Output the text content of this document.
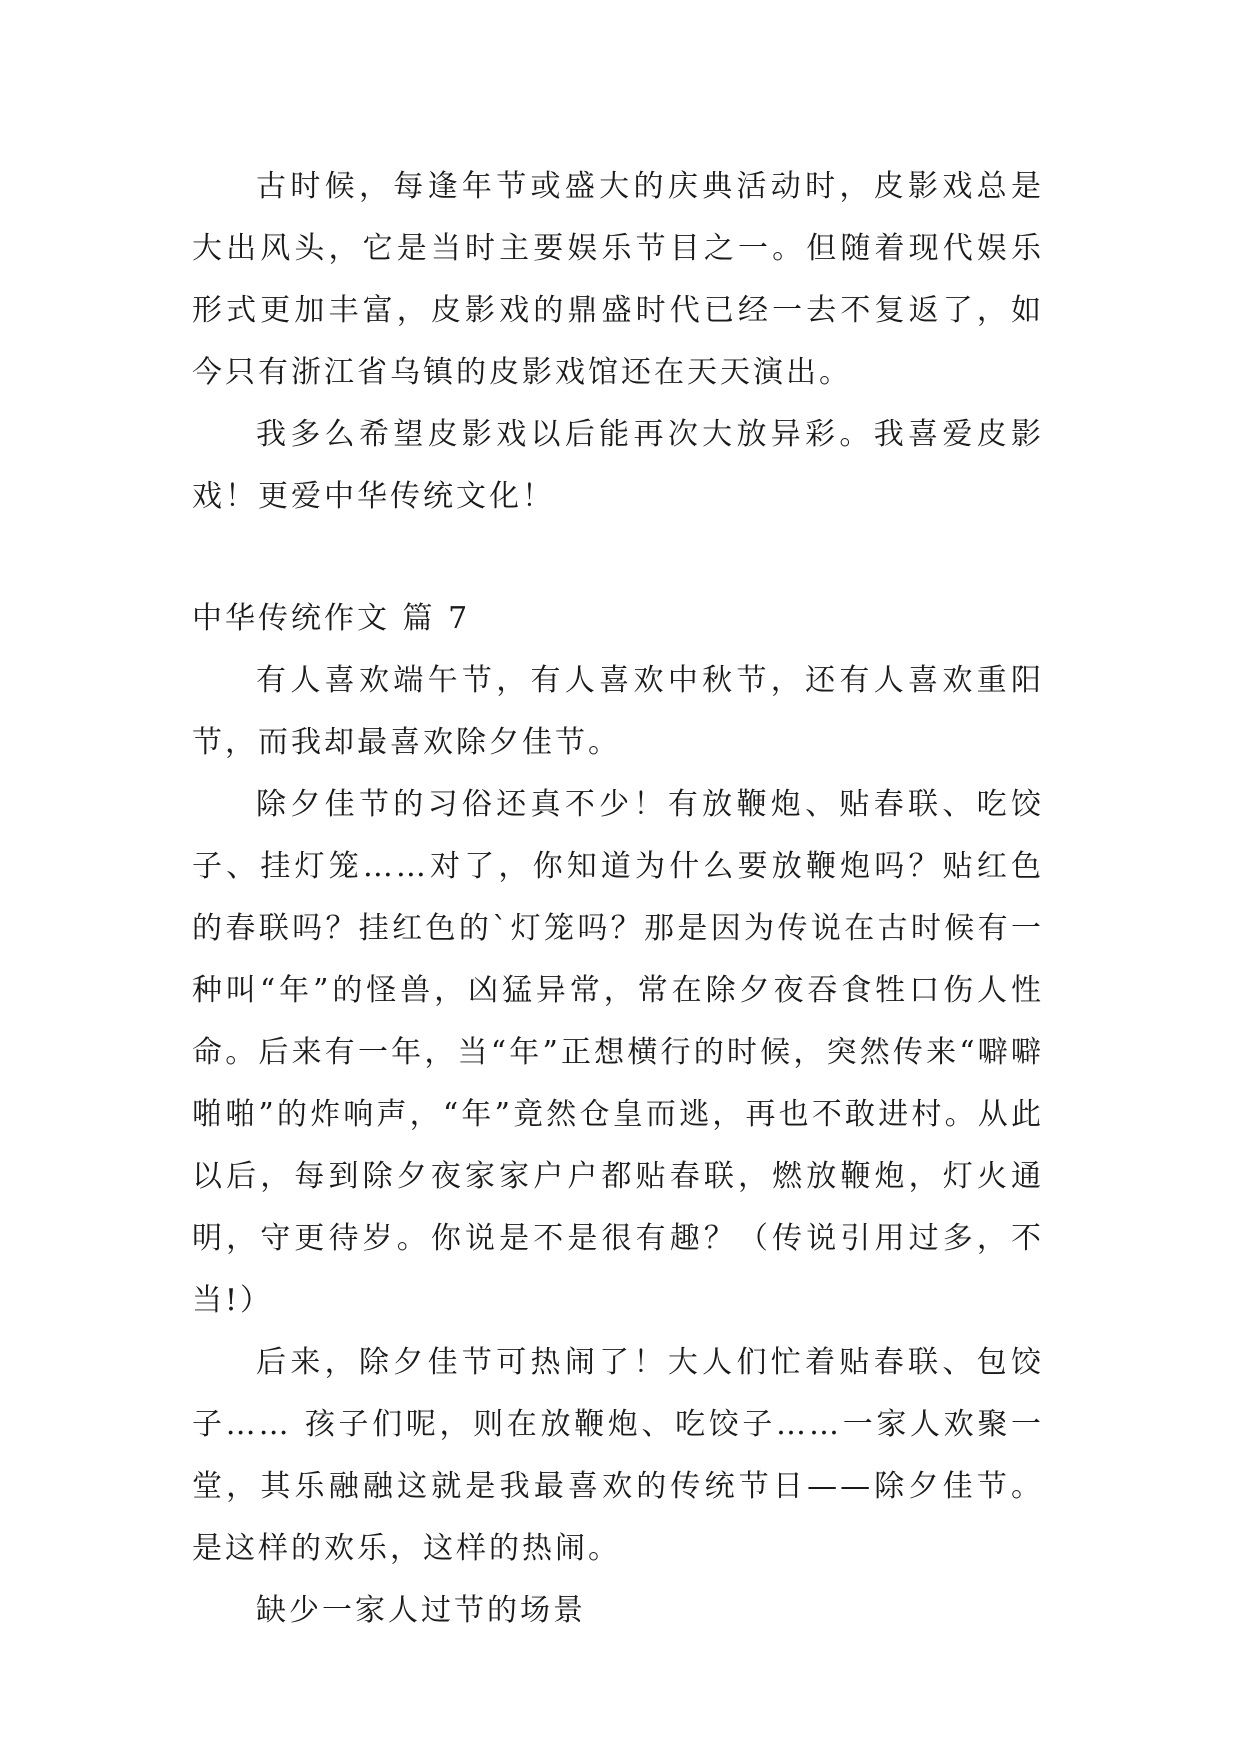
古时候，每逢年节或盛大的庆典活动时，皮影戏总是大出风头，它是当时主要娱乐节目之一。但随着现代娱乐形式更加丰富，皮影戏的鼎盛时代已经一去不复返了，如今只有浙江省乌镇的皮影戏馆还在天天演出。

我多么希望皮影戏以后能再次大放异彩。我喜爱皮影戏！更爱中华传统文化！

中华传统作文 篇 7

有人喜欢端午节，有人喜欢中秋节，还有人喜欢重阳节，而我却最喜欢除夕佳节。

除夕佳节的习俗还真不少！有放鞭炮、贴春联、吃饺子、挂灯笼……对了，你知道为什么要放鞭炮吗？贴红色的春联吗？挂红色的`灯笼吗？那是因为传说在古时候有一种叫“年”的怪兽，凶猛异常，常在除夕夜吞食牲口伤人性命。后来有一年，当“年”正想横行的时候，突然传来“噼噼啪啪”的炸响声，“年”竟然仓皇而逃，再也不敢进村。从此以后，每到除夕夜家家户户都贴春联，燃放鞭炮，灯火通明，守更待岁。你说是不是很有趣？（传说引用过多，不当!）

后来，除夕佳节可热闹了！大人们忙着贴春联、包饺子…… 孩子们呢，则在放鞭炮、吃饺子……一家人欢聚一堂，其乐融融这就是我最喜欢的传统节日——除夕佳节。是这样的欢乐，这样的热闹。

缺少一家人过节的场景
